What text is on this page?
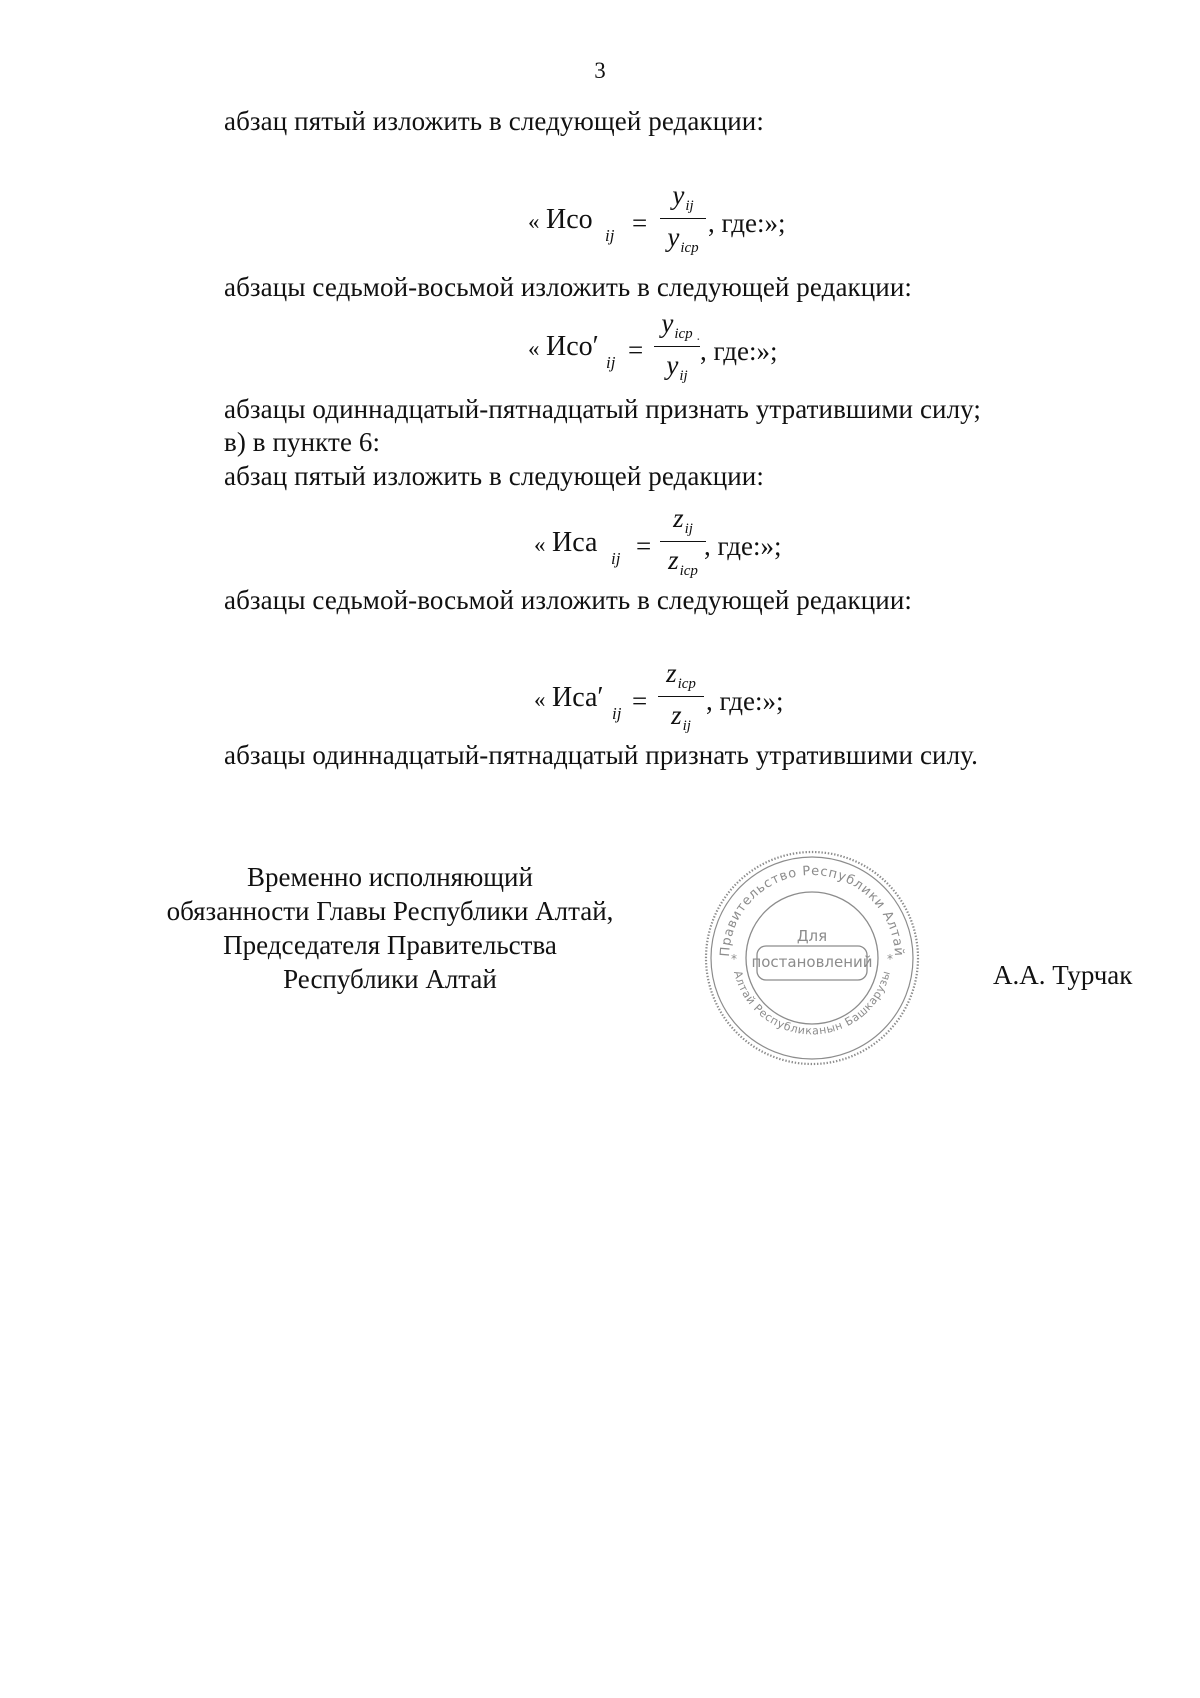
3
абзац пятый изложить в следующей редакции:
« Исо
ij =
$y_{ij}$
$y_{icp}$
, где:»;
абзацы седьмой-восьмой изложить в следующей редакции:
« Исо′
ij =
$y_{icp}$
$y_{ij}$
· , где:»;
абзацы одиннадцатый-пятнадцатый признать утратившими силу;
в) в пункте 6:
абзац пятый изложить в следующей редакции:
« Иса
ij =
$z_{ij}$
$z_{icp}$
, где:»;
абзацы седьмой-восьмой изложить в следующей редакции:
« Иса′
ij =
$z_{icp}$
$z_{ij}$
, где:»;
абзацы одиннадцатый-пятнадцатый признать утратившими силу.
Временно исполняющий
обязанности Главы Республики Алтай,
Председателя Правительства
Республики Алтай	А.А. Турчак
Правительство Республики Алтай
Алтай Республиканын Башкарузы
Для
постановлений
*	*
